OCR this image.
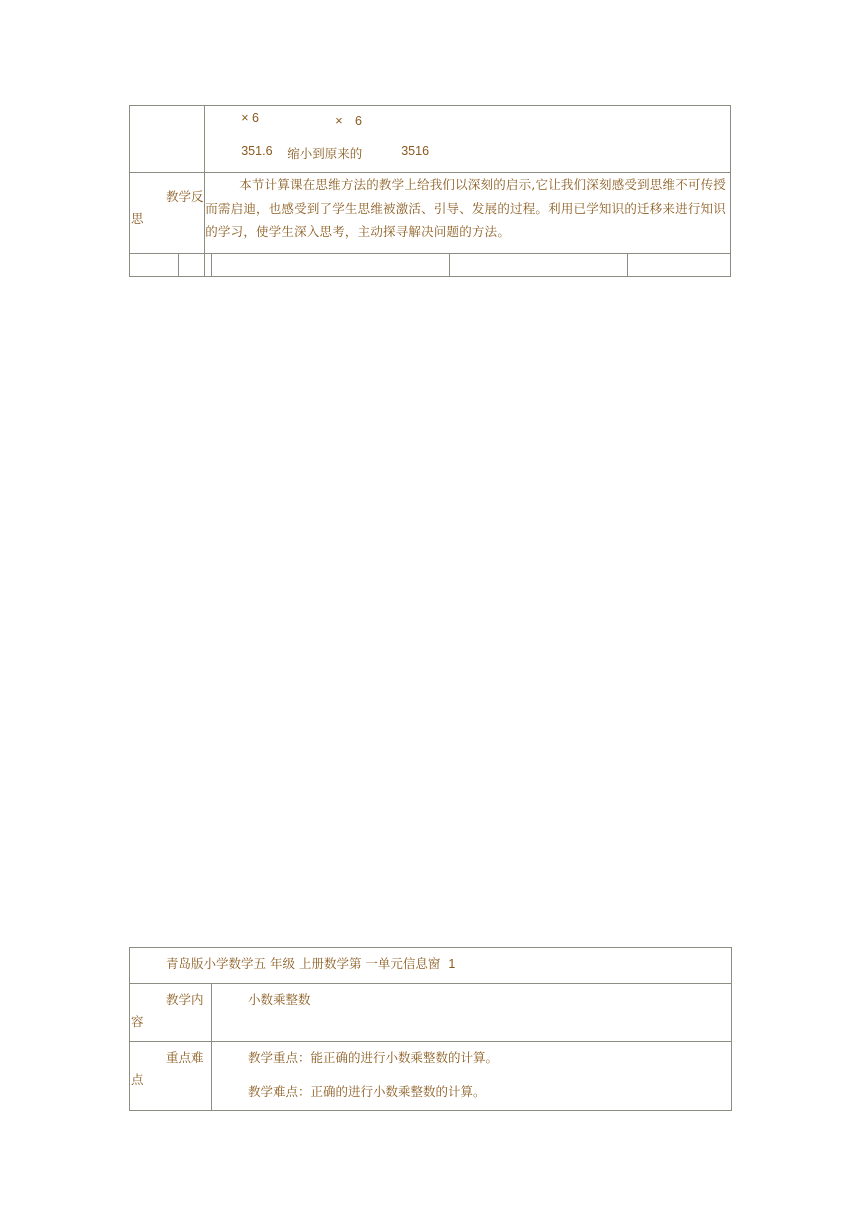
		× 6 ×　6
351.6 缩小到原来的 3516			

教学反
思		本节计算课在思维方法的教学上给我们以深刻的启示,它让我们深刻感受到思维不可传授而需启迪，也感受到了学生思维被激活、引导、发展的过程。利用已学知识的迁移来进行知识的学习，使学生深入思考，主动探寻解决问题的方法。			

青岛版小学数学五 年级 上册数学第 一单元信息窗 1	

教学内
容	小数乘整数

重点难
点	教学重点：能正确的进行小数乘整数的计算。
教学难点：正确的进行小数乘整数的计算。
